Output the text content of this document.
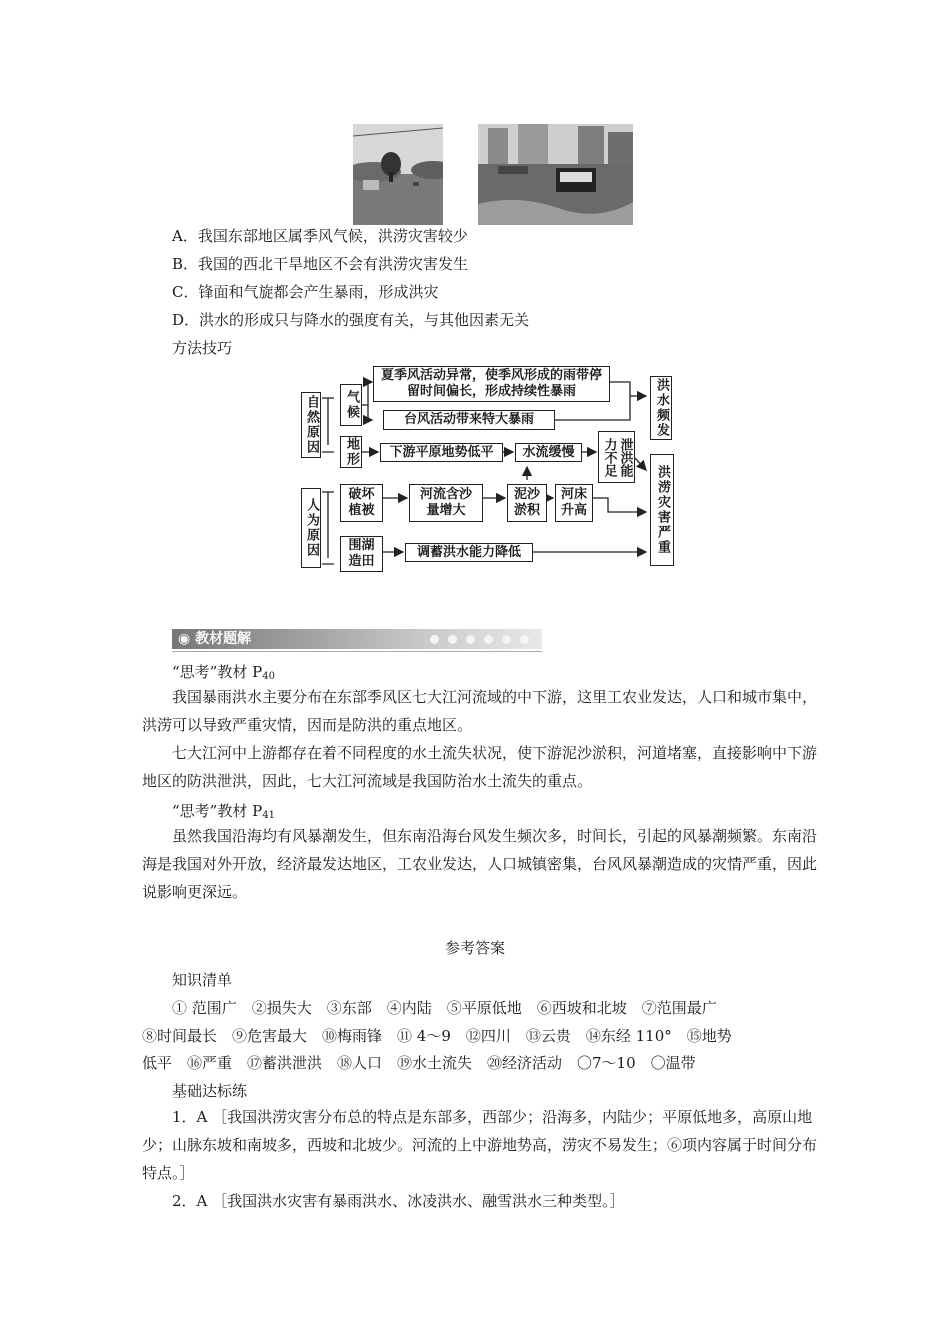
A．我国东部地区属季风气候，洪涝灾害较少
B．我国的西北干旱地区不会有洪涝灾害发生
C．锋面和气旋都会产生暴雨，形成洪灾
D．洪水的形成只与降水的强度有关，与其他因素无关
方法技巧
自然原因
人为原因
气候
地形
夏季风活动异常，使季风形成的雨带停留时间偏长，形成持续性暴雨
台风活动带来特大暴雨	洪水频发
下游平原地势低平	水流缓慢	泄洪能力不足
洪涝灾害严重
破坏植被
河流含沙量增大
泥沙淤积
河床升高
围湖造田
调蓄洪水能力降低
◉ 教材题解
“思考”教材 P40
我国暴雨洪水主要分布在东部季风区七大江河流域的中下游，这里工农业发达，人口和城市集中，洪涝可以导致严重灾情，因而是防洪的重点地区。
七大江河中上游都存在着不同程度的水土流失状况，使下游泥沙淤积，河道堵塞，直接影响中下游地区的防洪泄洪，因此，七大江河流域是我国防治水土流失的重点。
“思考”教材 P41
虽然我国沿海均有风暴潮发生，但东南沿海台风发生频次多，时间长，引起的风暴潮频繁。东南沿海是我国对外开放，经济最发达地区，工农业发达，人口城镇密集，台风风暴潮造成的灾情严重，因此说影响更深远。
参考答案
知识清单
① 范围广　②损失大　③东部　④内陆　⑤平原低地　⑥西坡和北坡　⑦范围最广
⑧时间最长　⑨危害最大　⑩梅雨锋　⑪ 4～9　⑫四川　⑬云贵　⑭东经 110°　⑮地势
低平　⑯严重　⑰蓄洪泄洪　⑱人口　⑲水土流失　⑳经济活动　〇7～10　〇温带
基础达标练
1．A ［我国洪涝灾害分布总的特点是东部多，西部少；沿海多，内陆少；平原低地多，高原山地少；山脉东坡和南坡多，西坡和北坡少。河流的上中游地势高，涝灾不易发生；⑥项内容属于时间分布特点。］
2．A ［我国洪水灾害有暴雨洪水、冰凌洪水、融雪洪水三种类型。］
